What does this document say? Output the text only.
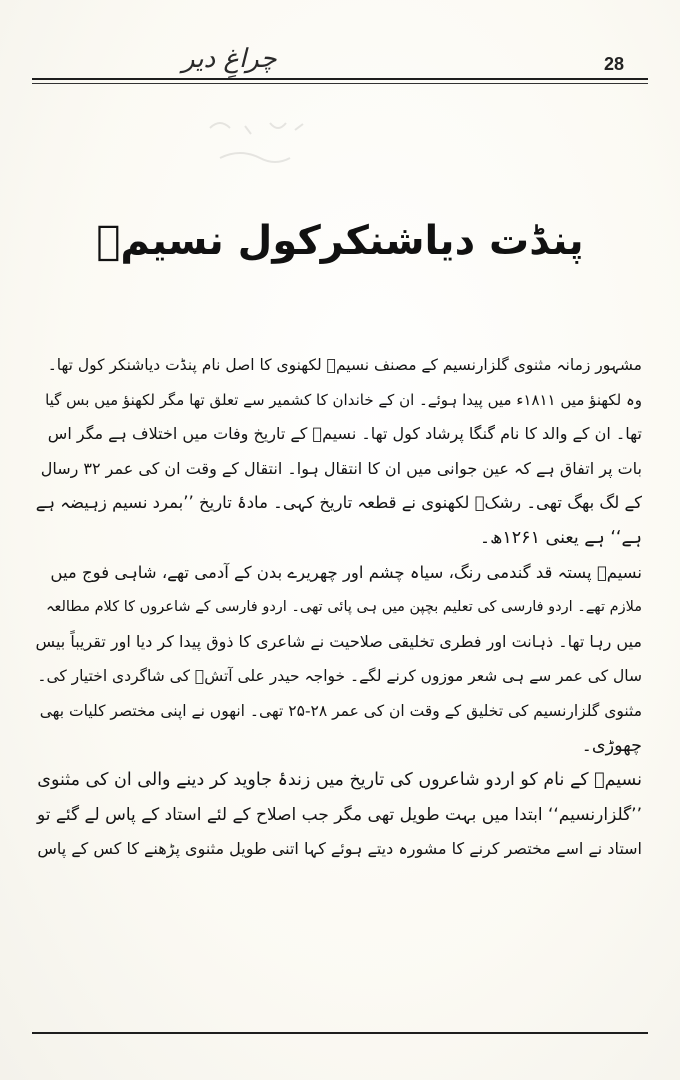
چراغِ دیر	28
پنڈت دیاشنکرکول نسیمؔ
مشہور زمانہ مثنوی گلزارنسیم کے مصنف نسیمؔ لکھنوی کا اصل نام پنڈت دیاشنکر کول تھا۔
وہ لکھنؤ میں ۱۸۱۱ء میں پیدا ہوئے۔ ان کے خاندان کا کشمیر سے تعلق تھا مگر لکھنؤ میں بس گیا
تھا۔ ان کے والد کا نام گنگا پرشاد کول تھا۔ نسیمؔ کے تاریخ وفات میں اختلاف ہے مگر اس
بات پر اتفاق ہے کہ عین جوانی میں ان کا انتقال ہوا۔ انتقال کے وقت ان کی عمر ۳۲ رسال
کے لگ بھگ تھی۔ رشکؔ لکھنوی نے قطعہ تاریخ کہی۔ مادۂ تاریخ ’’بمرد نسیم زہیضہ ہے
ہے‘‘ ہے یعنی ۱۲۶۱ھ۔
نسیمؔ پستہ قد گندمی رنگ، سیاہ چشم اور چھریرے بدن کے آدمی تھے، شاہی فوج میں
ملازم تھے۔ اردو فارسی کی تعلیم بچپن میں ہی پائی تھی۔ اردو فارسی کے شاعروں کا کلام مطالعہ
میں رہا تھا۔ ذہانت اور فطری تخلیقی صلاحیت نے شاعری کا ذوق پیدا کر دیا اور تقریباً بیس
سال کی عمر سے ہی شعر موزوں کرنے لگے۔ خواجہ حیدر علی آتشؔ کی شاگردی اختیار کی۔
مثنوی گلزارنسیم کی تخلیق کے وقت ان کی عمر ۲۸-۲۵ تھی۔ انھوں نے اپنی مختصر کلیات بھی
چھوڑی۔
نسیمؔ کے نام کو اردو شاعروں کی تاریخ میں زندۂ جاوید کر دینے والی ان کی مثنوی
’’گلزارنسیم‘‘ ابتدا میں بہت طویل تھی مگر جب اصلاح کے لئے استاد کے پاس لے گئے تو
استاد نے اسے مختصر کرنے کا مشورہ دیتے ہوئے کہا اتنی طویل مثنوی پڑھنے کا کس کے پاس
